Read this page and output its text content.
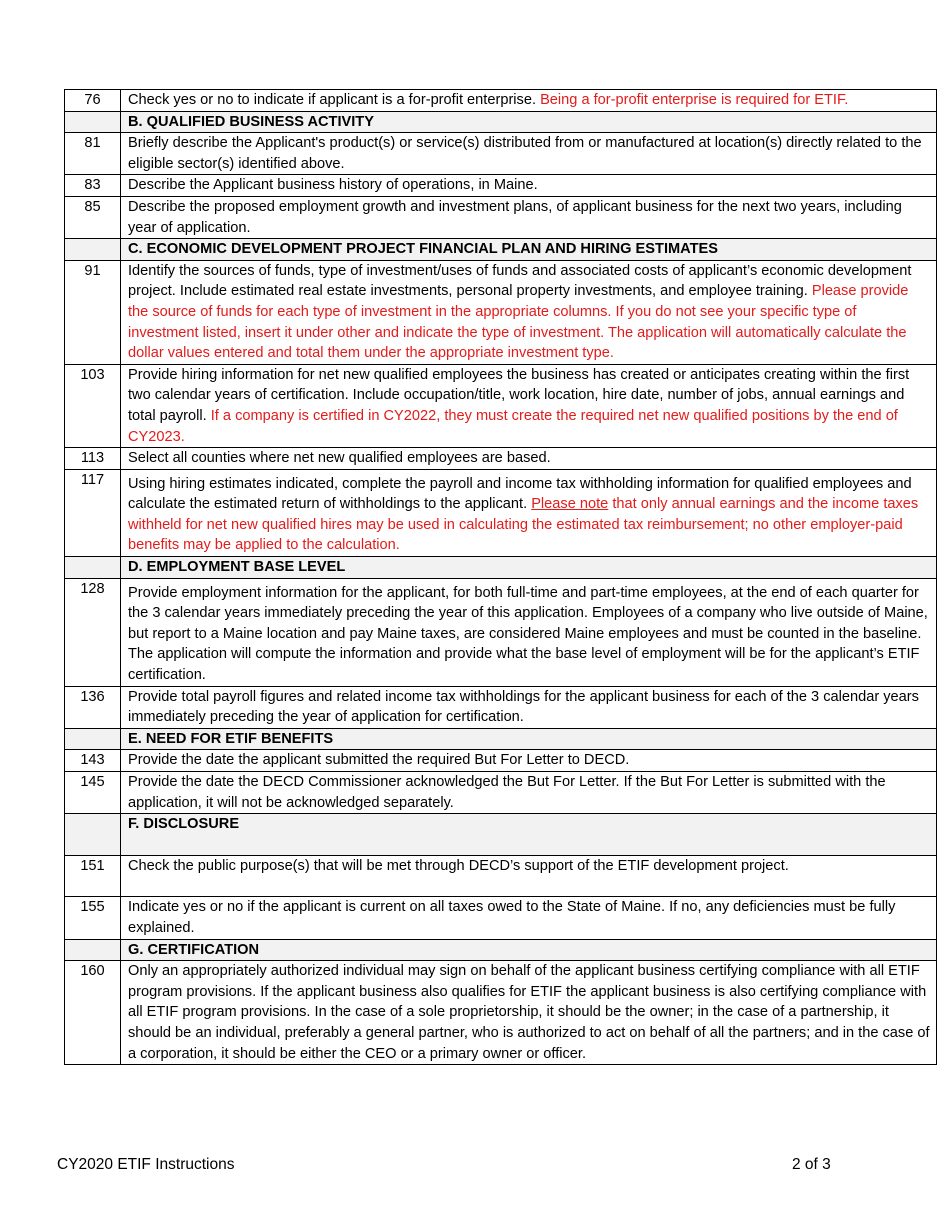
76	Check yes or no to indicate if applicant is a for-profit enterprise. Being a for-profit enterprise is required for ETIF.
	B. QUALIFIED BUSINESS ACTIVITY
81	Briefly describe the Applicant's product(s) or service(s) distributed from or manufactured at location(s) directly related to the eligible sector(s) identified above.
83	Describe the Applicant business history of operations, in Maine.
85	Describe the proposed employment growth and investment plans, of applicant business for the next two years, including year of application.
	C. ECONOMIC DEVELOPMENT PROJECT FINANCIAL PLAN AND HIRING ESTIMATES
91	Identify the sources of funds, type of investment/uses of funds and associated costs of applicant’s economic development project. Include estimated real estate investments, personal property investments, and employee training. Please provide the source of funds for each type of investment in the appropriate columns. If you do not see your specific type of investment listed, insert it under other and indicate the type of investment. The application will automatically calculate the dollar values entered and total them under the appropriate investment type.
103	Provide hiring information for net new qualified employees the business has created or anticipates creating within the first two calendar years of certification. Include occupation/title, work location, hire date, number of jobs, annual earnings and total payroll. If a company is certified in CY2022, they must create the required net new qualified positions by the end of CY2023.
113	Select all counties where net new qualified employees are based.
117	Using hiring estimates indicated, complete the payroll and income tax withholding information for qualified employees and calculate the estimated return of withholdings to the applicant. Please note that only annual earnings and the income taxes withheld for net new qualified hires may be used in calculating the estimated tax reimbursement; no other employer-paid benefits may be applied to the calculation.
	D. EMPLOYMENT BASE LEVEL
128	Provide employment information for the applicant, for both full-time and part-time employees, at the end of each quarter for the 3 calendar years immediately preceding the year of this application. Employees of a company who live outside of Maine, but report to a Maine location and pay Maine taxes, are considered Maine employees and must be counted in the baseline. The application will compute the information and provide what the base level of employment will be for the applicant’s ETIF certification.
136	Provide total payroll figures and related income tax withholdings for the applicant business for each of the 3 calendar years immediately preceding the year of application for certification.
	E. NEED FOR ETIF BENEFITS
143	Provide the date the applicant submitted the required But For Letter to DECD.
145	Provide the date the DECD Commissioner acknowledged the But For Letter. If the But For Letter is submitted with the application, it will not be acknowledged separately.
	F. DISCLOSURE
151	Check the public purpose(s) that will be met through DECD’s support of the ETIF development project.
155	Indicate yes or no if the applicant is current on all taxes owed to the State of Maine. If no, any deficiencies must be fully explained.
	G. CERTIFICATION
160	Only an appropriately authorized individual may sign on behalf of the applicant business certifying compliance with all ETIF program provisions. If the applicant business also qualifies for ETIF the applicant business is also certifying compliance with all ETIF program provisions. In the case of a sole proprietorship, it should be the owner; in the case of a partnership, it should be an individual, preferably a general partner, who is authorized to act on behalf of all the partners; and in the case of a corporation, it should be either the CEO or a primary owner or officer.
CY2020 ETIF Instructions	2 of 3
